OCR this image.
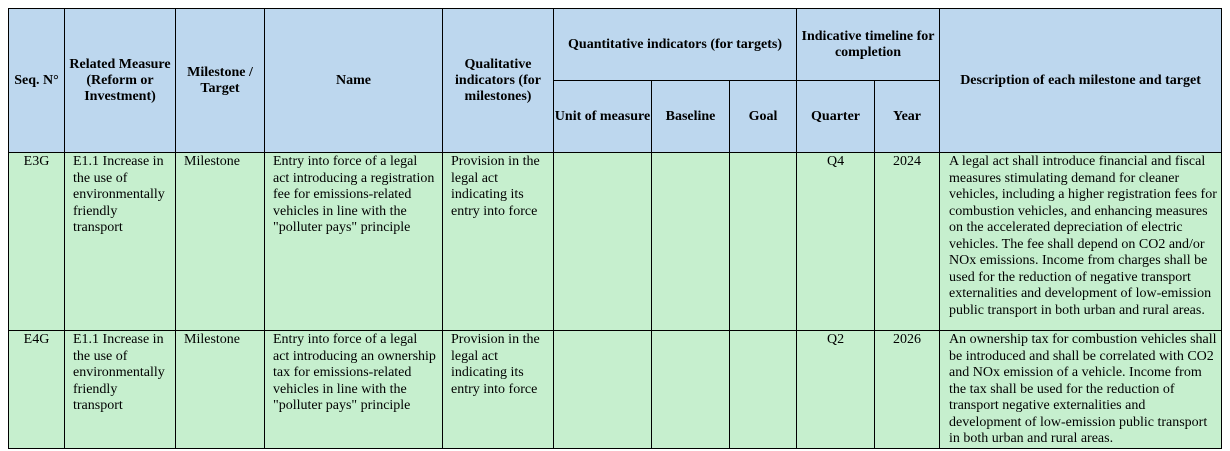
Seq. N°	Related Measure (Reform or Investment)	Milestone / Target	Name	Qualitative indicators (for milestones)	Quantitative indicators (for targets)			Indicative timeline for completion		Description of each milestone and target
					Unit of measure	Baseline	Goal	Quarter	Year	
E3G	E1.1 Increase in the use of environmentally friendly transport	Milestone	Entry into force of a legal act introducing a registration fee for emissions-related vehicles in line with the "polluter pays" principle	Provision in the legal act indicating its entry into force				Q4	2024	A legal act shall introduce financial and fiscal measures stimulating demand for cleaner vehicles, including a higher registration fees for combustion vehicles, and enhancing measures on the accelerated depreciation of electric vehicles. The fee shall depend on CO2 and/or NOx emissions. Income from charges shall be used for the reduction of negative transport externalities and development of low-emission public transport in both urban and rural areas.
E4G	E1.1 Increase in the use of environmentally friendly transport	Milestone	Entry into force of a legal act introducing an ownership tax for emissions-related vehicles in line with the "polluter pays" principle	Provision in the legal act indicating its entry into force				Q2	2026	An ownership tax for combustion vehicles shall be introduced and shall be correlated with CO2 and NOx emission of a vehicle. Income from the tax shall be used for the reduction of transport negative externalities and development of low-emission public transport in both urban and rural areas.
